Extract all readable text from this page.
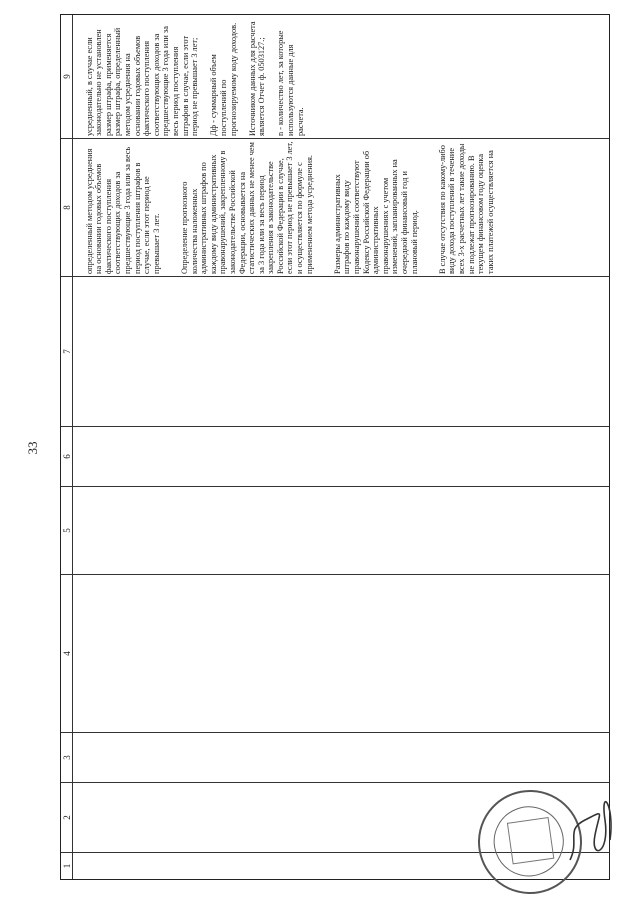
33
1
2
3
4
5
6
7
8 определенный методом усреднения на основании годовых объемов фактического поступления соответствующих доходов за предшествующие 3 года или за весь период поступления штрафов в случае, если этот период не превышает 3 лет. Определение прогнозного количества наложенных административных штрафов по каждому виду административных правонарушений, закрепленному в законодательстве Российской Федерации, основывается на статистических данных не менее чем за 3 года или за весь период закрепления в законодательстве Российской Федерации в случае, если этот период не превышает 3 лет, и осуществляется по формуле с применением метода усреднения. Размеры административных штрафов по каждому виду правонарушений соответствуют Кодексу Российской Федерации об административных правонарушениях с учетом изменений, запланированных на очередной финансовый год и плановый период. В случае отсутствия по какому-либо виду дохода поступлений в течение всех 3-х расчетных лет такие доходы не подлежат прогнозированию. В текущем финансовом году оценка таких платежей осуществляется на

9 усредненный, в случае если законодательно не установлен размер штрафа, применяется размер штрафа, определенный методом усреднения на основании годовых объемов фактического поступления соответствующих доходов за предшествующие 3 года или за весь период поступления штрафов в случае, если этот период не превышает 3 лет; Дф - суммарный объем поступлений по прогнозируемому коду доходов. Источником данных для расчета является Отчет ф. 0503127.; n - количество лет, за которые используются данные для расчета.
